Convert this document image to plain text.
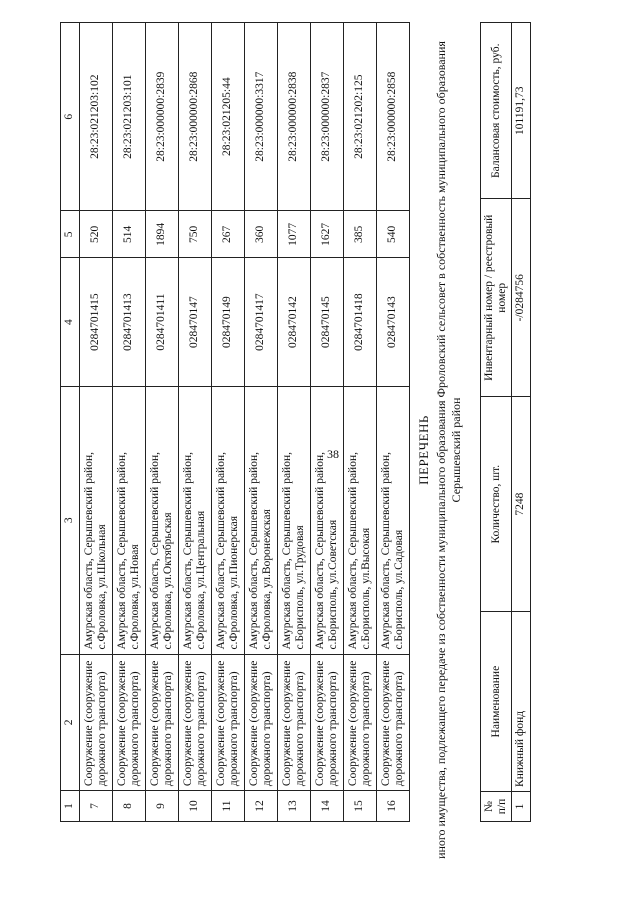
38
1	2	3	4	5	6
7	Сооружение (сооружение дорожного транспорта)	Амурская область, Серышевский район, с.Фроловка, ул.Школьная	0284701415	520	28:23:021203:102
8	Сооружение (сооружение дорожного транспорта)	Амурская область, Серышевский район, с.Фроловка, ул.Новая	0284701413	514	28:23:021203:101
9	Сооружение (сооружение дорожного транспорта)	Амурская область, Серышевский район, с.Фроловка, ул.Октябрьская	0284701411	1894	28:23:000000:2839
10	Сооружение (сооружение дорожного транспорта)	Амурская область, Серышевский район, с.Фроловка, ул.Центральная	028470147	750	28:23:000000:2868
11	Сооружение (сооружение дорожного транспорта)	Амурская область, Серышевский район, с.Фроловка, ул.Пионерская	028470149	267	28:23:021205:44
12	Сооружение (сооружение дорожного транспорта)	Амурская область, Серышевский район, с.Фроловка, ул.Воронежская	0284701417	360	28:23:000000:3317
13	Сооружение (сооружение дорожного транспорта)	Амурская область, Серышевский район, с.Борисполь, ул.Трудовая	028470142	1077	28:23:000000:2838
14	Сооружение (сооружение дорожного транспорта)	Амурская область, Серышевский район, с.Борисполь, ул.Советская	028470145	1627	28:23:000000:2837
15	Сооружение (сооружение дорожного транспорта)	Амурская область, Серышевский район, с.Борисполь, ул.Высокая	0284701418	385	28:23:021202:125
16	Сооружение (сооружение дорожного транспорта)	Амурская область, Серышевский район, с.Борисполь, ул.Садовая	028470143	540	28:23:000000:2858
ПЕРЕЧЕНЬ иного имущества, подлежащего передаче из собственности муниципального образования Фроловский сельсовет в собственность муниципального образования Серышевский район
№ п/п	Наименование	Количество, шт.	Инвентарный номер / реестровый номер	Балансовая стоимость, руб.
1	Книжный фонд	7248	-/0284756	101191,73
